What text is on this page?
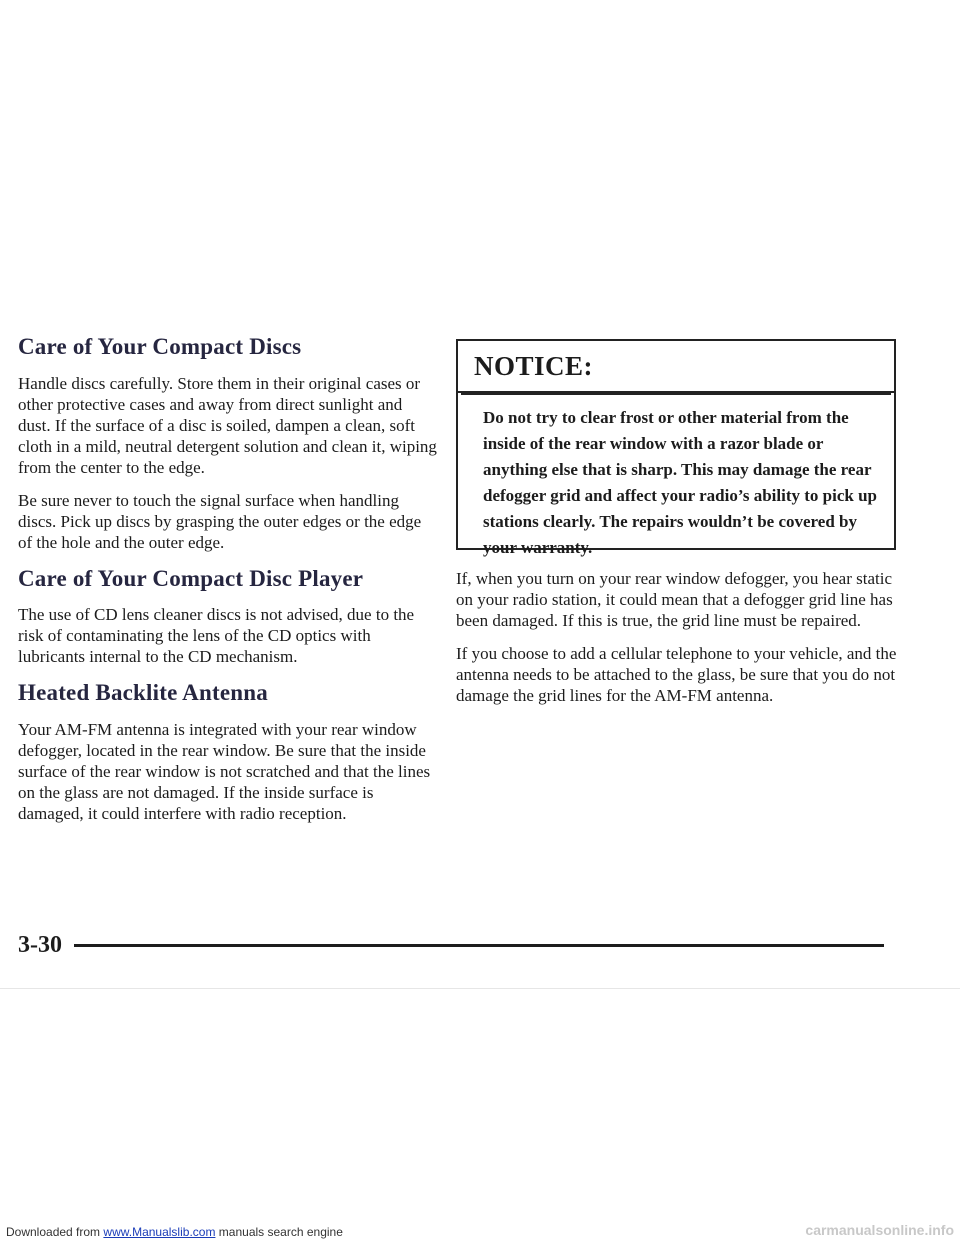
Care of Your Compact Discs

Handle discs carefully. Store them in their original cases or other protective cases and away from direct sunlight and dust. If the surface of a disc is soiled, dampen a clean, soft cloth in a mild, neutral detergent solution and clean it, wiping from the center to the edge.

Be sure never to touch the signal surface when handling discs. Pick up discs by grasping the outer edges or the edge of the hole and the outer edge.

Care of Your Compact Disc Player

The use of CD lens cleaner discs is not advised, due to the risk of contaminating the lens of the CD optics with lubricants internal to the CD mechanism.

Heated Backlite Antenna

Your AM-FM antenna is integrated with your rear window defogger, located in the rear window. Be sure that the inside surface of the rear window is not scratched and that the lines on the glass are not damaged. If the inside surface is damaged, it could interfere with radio reception.

NOTICE:
Do not try to clear frost or other material from the inside of the rear window with a razor blade or anything else that is sharp. This may damage the rear defogger grid and affect your radio’s ability to pick up stations clearly. The repairs wouldn’t be covered by your warranty.

If, when you turn on your rear window defogger, you hear static on your radio station, it could mean that a defogger grid line has been damaged. If this is true, the grid line must be repaired.

If you choose to add a cellular telephone to your vehicle, and the antenna needs to be attached to the glass, be sure that you do not damage the grid lines for the AM-FM antenna.

3-30
Downloaded from www.Manualslib.com manuals search engine	carmanualsonline.info
